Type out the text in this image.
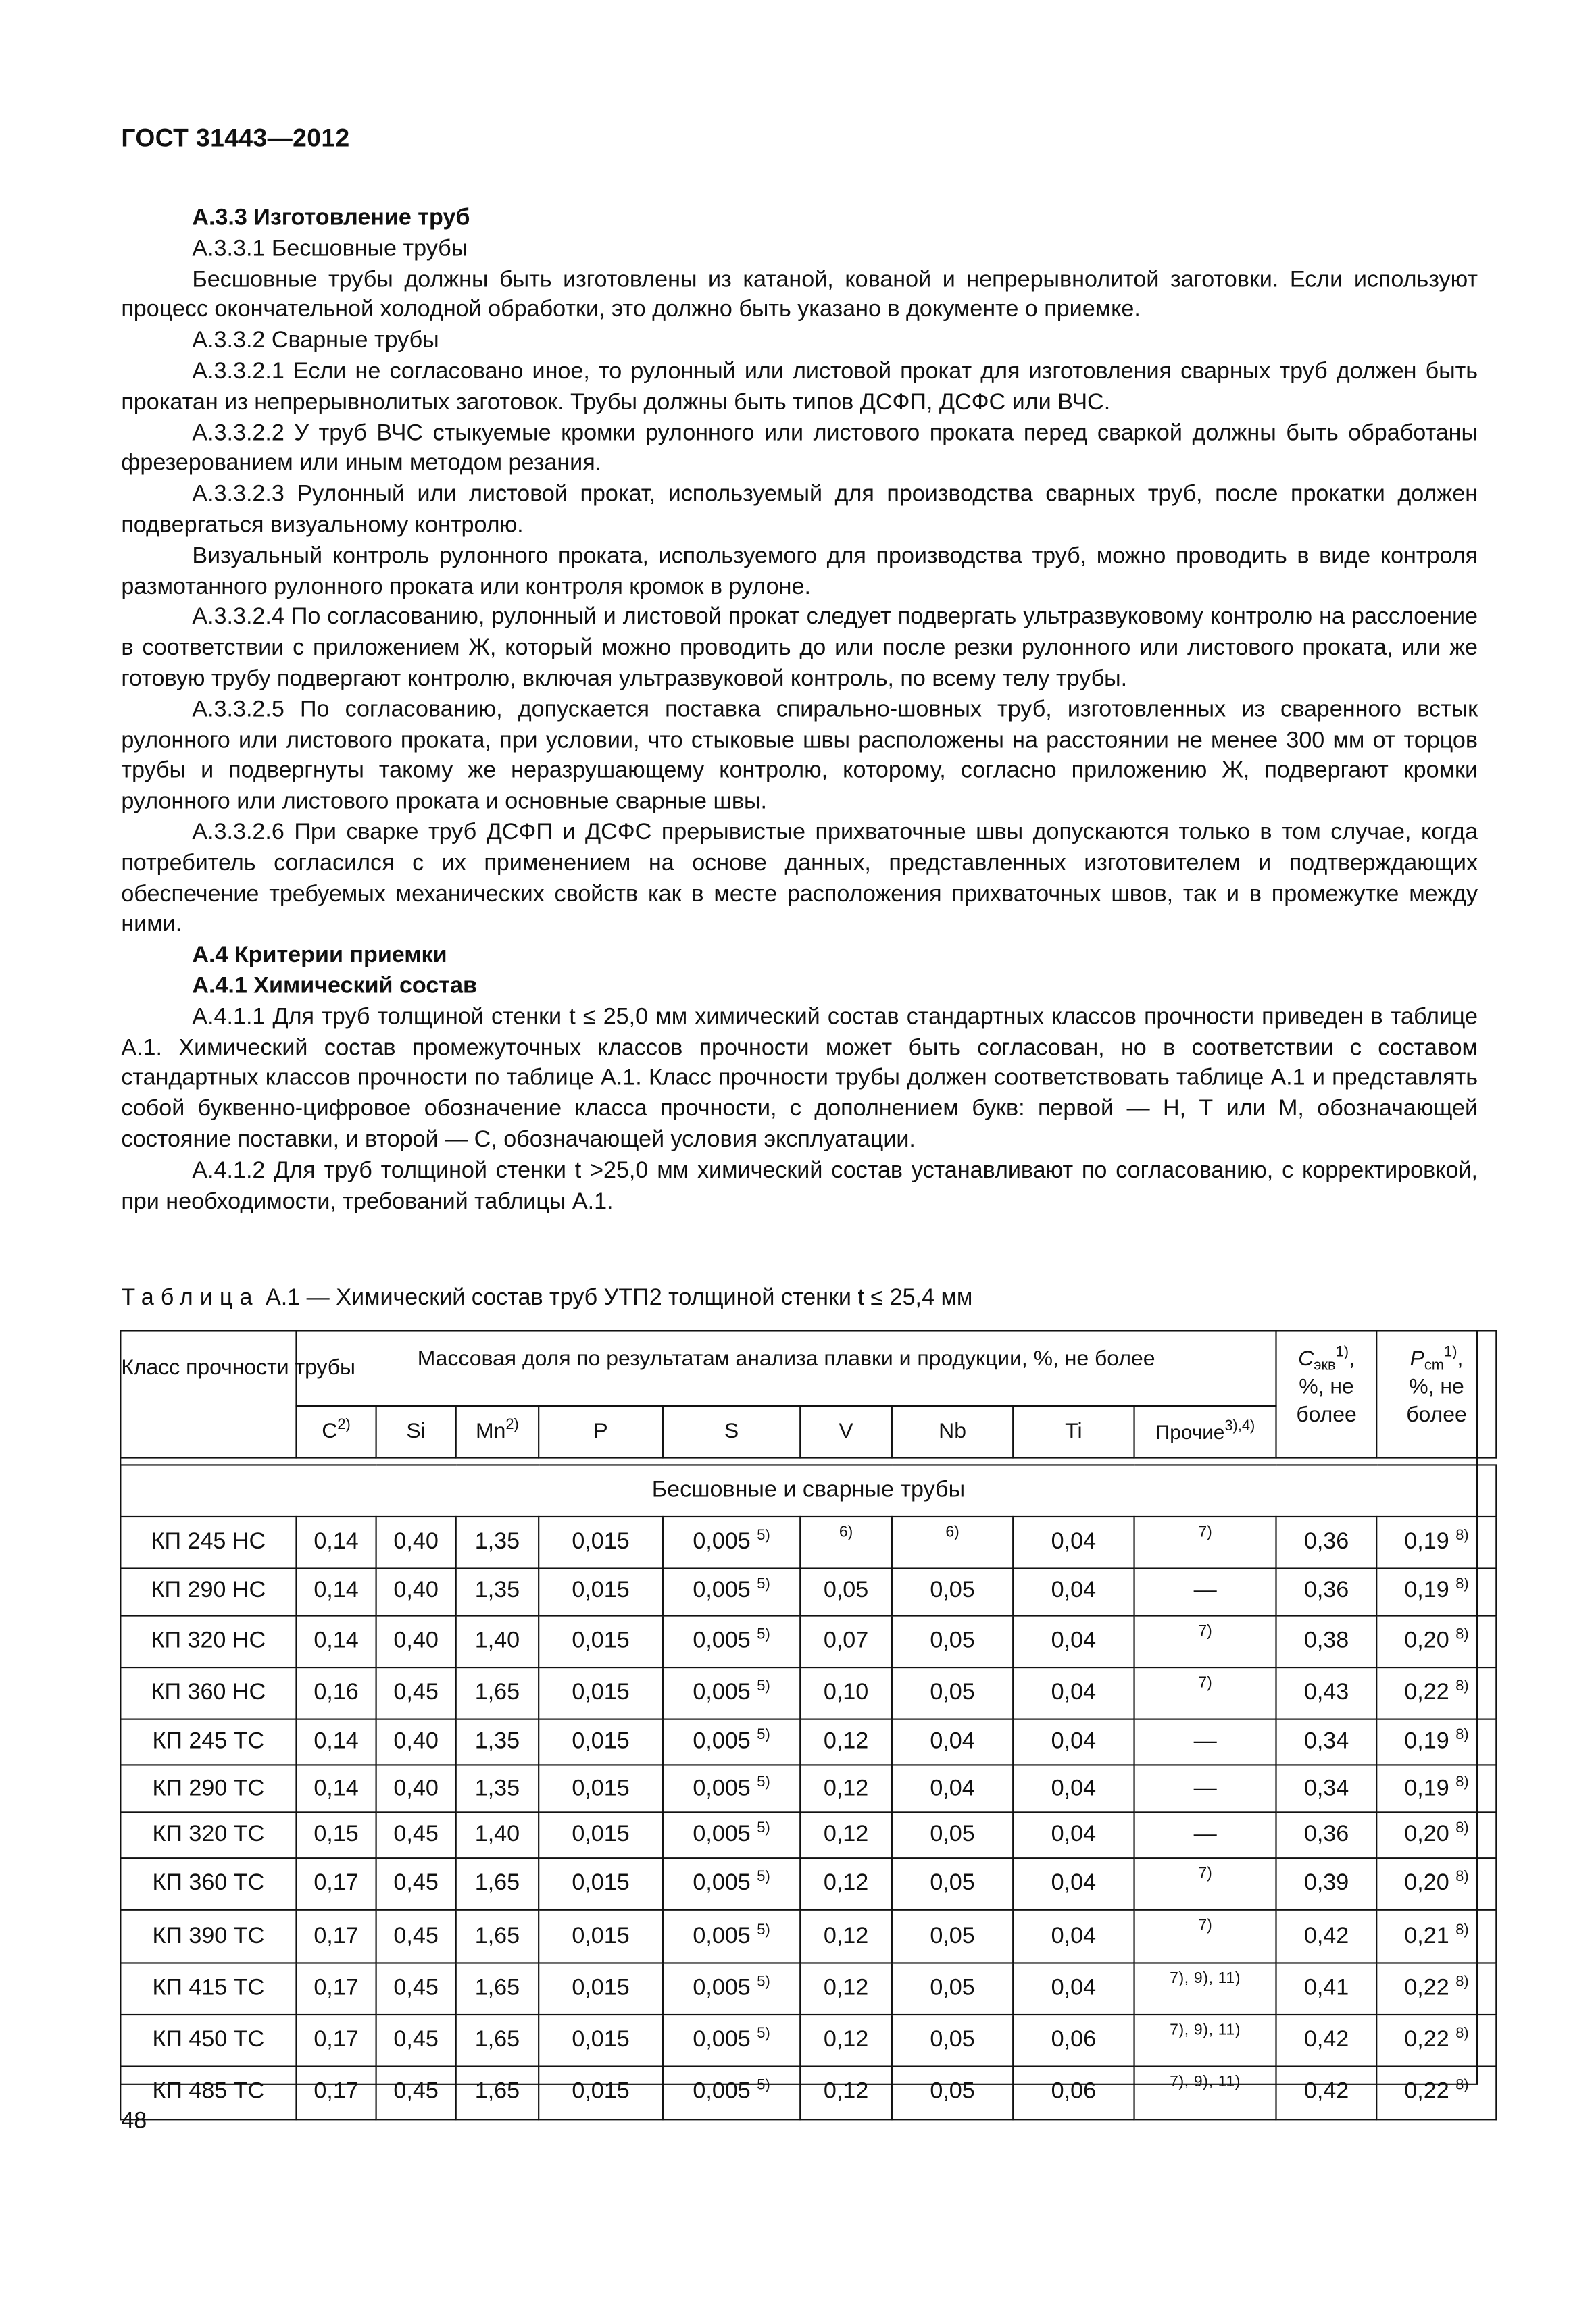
ГОСТ 31443—2012

А.3.3 Изготовление труб

А.3.3.1 Бесшовные трубы

Бесшовные трубы должны быть изготовлены из катаной, кованой и непрерывнолитой заготовки. Если используют процесс окончательной холодной обработки, это должно быть указано в документе о приемке.

А.3.3.2 Сварные трубы

А.3.3.2.1 Если не согласовано иное, то рулонный или листовой прокат для изготовления сварных труб должен быть прокатан из непрерывнолитых заготовок. Трубы должны быть типов ДСФП, ДСФС или ВЧС.

А.3.3.2.2 У труб ВЧС стыкуемые кромки рулонного или листового проката перед сваркой должны быть обработаны фрезерованием или иным методом резания.

А.3.3.2.3 Рулонный или листовой прокат, используемый для производства сварных труб, после прокатки должен подвергаться визуальному контролю.

Визуальный контроль рулонного проката, используемого для производства труб, можно проводить в виде контроля размотанного рулонного проката или контроля кромок в рулоне.

А.3.3.2.4 По согласованию, рулонный и листовой прокат следует подвергать ультразвуковому контролю на расслоение в соответствии с приложением Ж, который можно проводить до или после резки рулонного или листового проката, или же готовую трубу подвергают контролю, включая ультразвуковой контроль, по всему телу трубы.

А.3.3.2.5 По согласованию, допускается поставка спирально-шовных труб, изготовленных из сваренного встык рулонного или листового проката, при условии, что стыковые швы расположены на расстоянии не менее 300 мм от торцов трубы и подвергнуты такому же неразрушающему контролю, которому, согласно приложению Ж, подвергают кромки рулонного или листового проката и основные сварные швы.

А.3.3.2.6 При сварке труб ДСФП и ДСФС прерывистые прихваточные швы допускаются только в том случае, когда потребитель согласился с их применением на основе данных, представленных изготовителем и подтверждающих обеспечение требуемых механических свойств как в месте расположения прихваточных швов, так и в промежутке между ними.

А.4 Критерии приемки

А.4.1 Химический состав

А.4.1.1 Для труб толщиной стенки t ≤ 25,0 мм химический состав стандартных классов прочности приведен в таблице А.1. Химический состав промежуточных классов прочности может быть согласован, но в соответствии с составом стандартных классов прочности по таблице А.1. Класс прочности трубы должен соответствовать таблице А.1 и представлять собой буквенно-цифровое обозначение класса прочности, с дополнением букв: первой — Н, Т или М, обозначающей состояние поставки, и второй — С, обозначающей условия эксплуатации.

А.4.1.2 Для труб толщиной стенки t >25,0 мм химический состав устанавливают по согласованию, с корректировкой, при необходимости, требований таблицы А.1.

Таблица А.1 — Химический состав труб УТП2 толщиной стенки t ≤ 25,4 мм
Класс прочности трубы	Массовая доля по результатам анализа плавки и продукции, %, не более									$C_{экв}^{1)}$, %, не более	$P_{cm}^{1)}$, %, не более
	$C^{2)}$	Si	Mn$^{2)}$	P	S	V	Nb	Ti	Прочие$^{3),4)}$

Бесшовные и сварные трубы											
КП 245 НС	0,14	0,40	1,35	0,015	0,005 $^{5)}$	6)	6)	0,04	7)	0,36	0,19 $^{8)}$
КП 290 НС	0,14	0,40	1,35	0,015	0,005 $^{5)}$	0,05	0,05	0,04	—	0,36	0,19 $^{8)}$
КП 320 НС	0,14	0,40	1,40	0,015	0,005 $^{5)}$	0,07	0,05	0,04	7)	0,38	0,20 $^{8)}$
КП 360 НС	0,16	0,45	1,65	0,015	0,005 $^{5)}$	0,10	0,05	0,04	7)	0,43	0,22 $^{8)}$
КП 245 ТС	0,14	0,40	1,35	0,015	0,005 $^{5)}$	0,12	0,04	0,04	—	0,34	0,19 $^{8)}$
КП 290 ТС	0,14	0,40	1,35	0,015	0,005 $^{5)}$	0,12	0,04	0,04	—	0,34	0,19 $^{8)}$
КП 320 ТС	0,15	0,45	1,40	0,015	0,005 $^{5)}$	0,12	0,05	0,04	—	0,36	0,20 $^{8)}$
КП 360 ТС	0,17	0,45	1,65	0,015	0,005 $^{5)}$	0,12	0,05	0,04	7)	0,39	0,20 $^{8)}$
КП 390 ТС	0,17	0,45	1,65	0,015	0,005 $^{5)}$	0,12	0,05	0,04	7)	0,42	0,21 $^{8)}$
КП 415 ТС	0,17	0,45	1,65	0,015	0,005 $^{5)}$	0,12	0,05	0,04	7), 9), 11)	0,41	0,22 $^{8)}$
КП 450 ТС	0,17	0,45	1,65	0,015	0,005 $^{5)}$	0,12	0,05	0,06	7), 9), 11)	0,42	0,22 $^{8)}$
КП 485 ТС	0,17	0,45	1,65	0,015	0,005 $^{5)}$	0,12	0,05	0,06	7), 9), 11)	0,42	0,22 $^{8)}$
48
